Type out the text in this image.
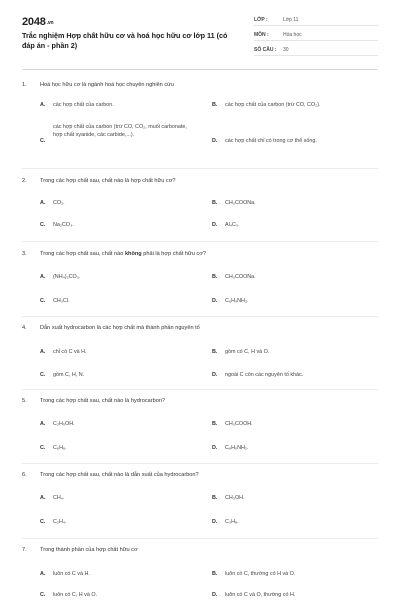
2048.vn
Trắc nghiệm Hợp chất hữu cơ và hoá học hữu cơ lớp 11 (có đáp án - phần 2)
LỚP :	Lớp 11
MÔN :	Hóa học
SỐ CÂU :	30
1. Hoá học hữu cơ là ngành hoá học chuyên nghiên cứu
A. các hợp chất của carbon.	B. các hợp chất của carbon (trừ CO, CO₂).
C.
các hợp chất của carbon (trừ CO, CO₂, muối carbonate, hợp chất xyanide, các carbide,...).
D. các hợp chất chỉ có trong cơ thể sống.
2. Trong các hợp chất sau, chất nào là hợp chất hữu cơ?
A. CO₂.	B. CH₃COONa.
C. Na₂CO₃.	D. Al₄C₃.
3. Trong các hợp chất sau, chất nào không phải là hợp chất hữu cơ?
A. (NH₄)₂CO₃.	B. CH₃COONa.
C. CH₃Cl.	D. C₆H₅NH₂.
4. Dẫn xuất hydrocarbon là các hợp chất mà thành phần nguyên tố
A. chỉ có C và H.	B. gồm có C, H và O.
C. gồm C, H, N.	D. ngoài C còn các nguyên tố khác.
5. Trong các hợp chất sau, chất nào là hydrocarbon?
A. C₂H₅OH.	B. CH₃COOH.
C. C₆H₆.	D. C₆H₅NH₂.
6. Trong các hợp chất sau, chất nào là dẫn xuất của hydrocarbon?
A. CH₄.	B. CH₃OH.
C. C₂H₄.	D. C₃H₈.
7. Trong thành phần của hợp chất hữu cơ
A. luôn có C và H.	B. luôn có C, thường có H và O.
C. luôn có C, H và O.	D. luôn có C và O, thường có H.
